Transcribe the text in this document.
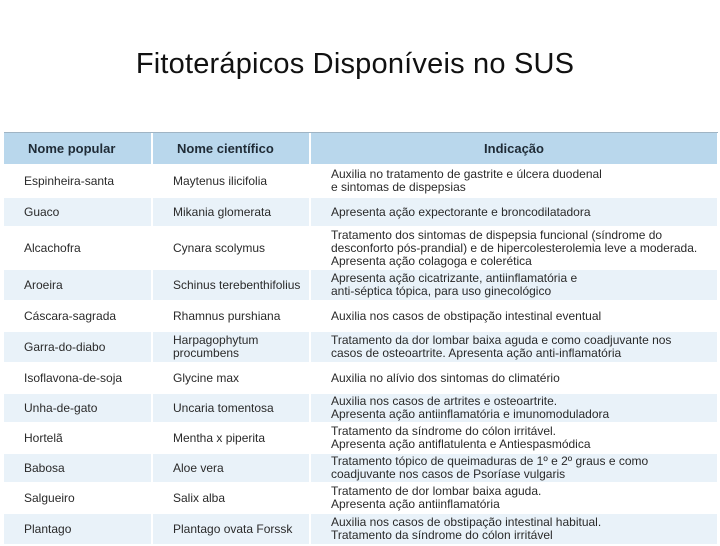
Fitoterápicos Disponíveis no SUS
Nome popular	Nome científico	Indicação
Espinheira-santa	Maytenus ilicifolia	Auxilia no tratamento de gastrite e úlcera duodenal
e sintomas de dispepsias

Guaco	Mikania glomerata	Apresenta ação expectorante e broncodilatadora

Alcachofra	Cynara scolymus	Tratamento dos sintomas de dispepsia funcional (síndrome do
desconforto pós-prandial) e de hipercolesterolemia leve a moderada.
Apresenta ação colagoga e colerética

Aroeira	Schinus terebenthifolius	Apresenta ação cicatrizante, antiinflamatória e
anti-séptica tópica, para uso ginecológico

Cáscara-sagrada	Rhamnus purshiana	Auxilia nos casos de obstipação intestinal eventual

Garra-do-diabo	Harpagophytum procumbens	Tratamento da dor lombar baixa aguda e como coadjuvante nos
casos de osteoartrite. Apresenta ação anti-inflamatória

Isoflavona-de-soja	Glycine max	Auxilia no alívio dos sintomas do climatério

Unha-de-gato	Uncaria tomentosa	Auxilia nos casos de artrites e osteoartrite.
Apresenta ação antiinflamatória e imunomoduladora

Hortelã	Mentha x piperita	Tratamento da síndrome do cólon irritável.
Apresenta ação antiflatulenta e Antiespasmódica

Babosa	Aloe vera	Tratamento tópico de queimaduras de 1º e 2º graus e como
coadjuvante nos casos de Psoríase vulgaris

Salgueiro	Salix alba	Tratamento de dor lombar baixa aguda.
Apresenta ação antiinflamatória

Plantago	Plantago ovata Forssk	Auxilia nos casos de obstipação intestinal habitual.
Tratamento da síndrome do cólon irritável
